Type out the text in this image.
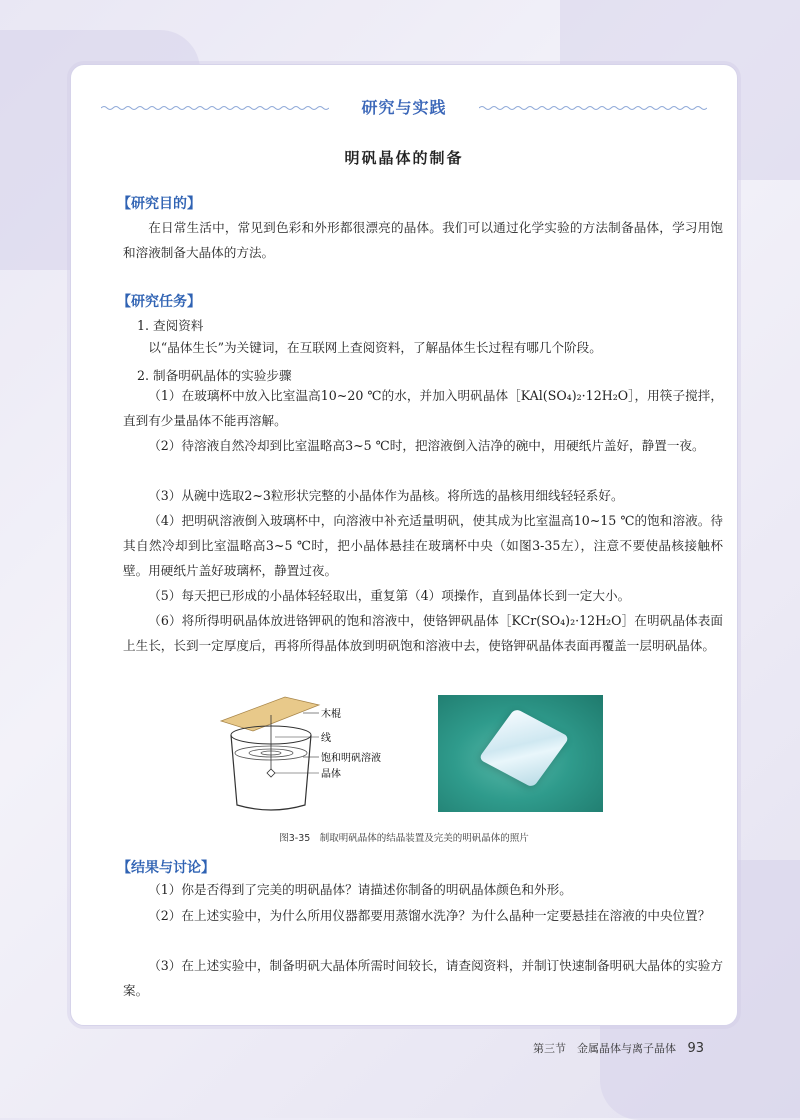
研究与实践
明矾晶体的制备
【研究目的】
在日常生活中，常见到色彩和外形都很漂亮的晶体。我们可以通过化学实验的方法制备晶体，学习用饱和溶液制备大晶体的方法。
【研究任务】
1. 查阅资料
以“晶体生长”为关键词，在互联网上查阅资料，了解晶体生长过程有哪几个阶段。
2. 制备明矾晶体的实验步骤
（1）在玻璃杯中放入比室温高10~20 ℃的水，并加入明矾晶体［KAl(SO₄)₂·12H₂O］，用筷子搅拌，直到有少量晶体不能再溶解。
（2）待溶液自然冷却到比室温略高3~5 ℃时，把溶液倒入洁净的碗中，用硬纸片盖好，静置一夜。
（3）从碗中选取2~3粒形状完整的小晶体作为晶核。将所选的晶核用细线轻轻系好。
（4）把明矾溶液倒入玻璃杯中，向溶液中补充适量明矾，使其成为比室温高10~15 ℃的饱和溶液。待其自然冷却到比室温略高3~5 ℃时，把小晶体悬挂在玻璃杯中央（如图3-35左），注意不要使晶核接触杯壁。用硬纸片盖好玻璃杯，静置过夜。
（5）每天把已形成的小晶体轻轻取出，重复第（4）项操作，直到晶体长到一定大小。
（6）将所得明矾晶体放进铬钾矾的饱和溶液中，使铬钾矾晶体［KCr(SO₄)₂·12H₂O］在明矾晶体表面上生长，长到一定厚度后，再将所得晶体放到明矾饱和溶液中去，使铬钾矾晶体表面再覆盖一层明矾晶体。
木棍
线
饱和明矾溶液
晶体
图3-35　制取明矾晶体的结晶装置及完美的明矾晶体的照片
【结果与讨论】
（1）你是否得到了完美的明矾晶体？请描述你制备的明矾晶体颜色和外形。
（2）在上述实验中，为什么所用仪器都要用蒸馏水洗净？为什么晶种一定要悬挂在溶液的中央位置？
（3）在上述实验中，制备明矾大晶体所需时间较长，请查阅资料，并制订快速制备明矾大晶体的实验方案。
第三节　金属晶体与离子晶体 93
